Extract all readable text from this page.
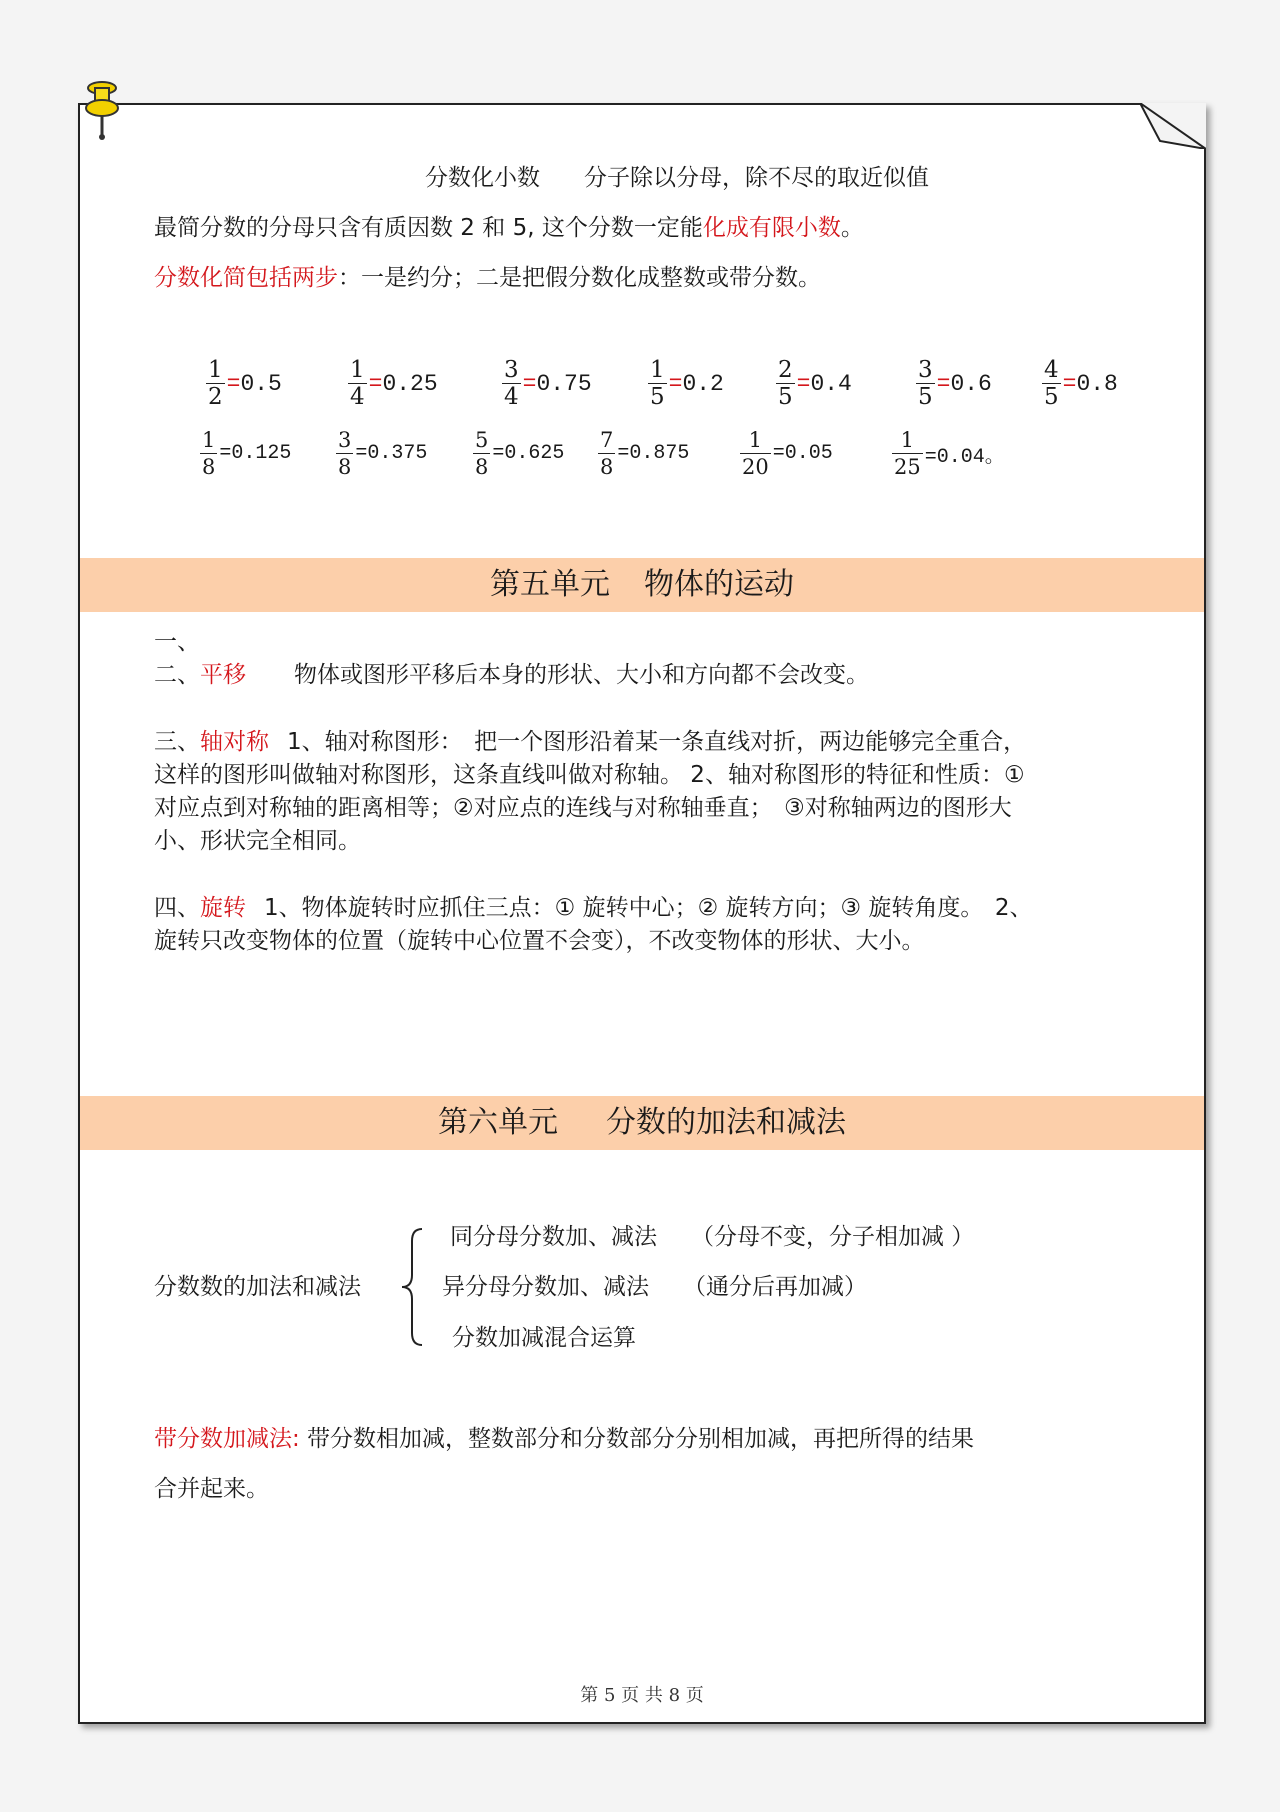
分数化小数 分子除以分母，除不尽的取近似值
最简分数的分母只含有质因数 2 和 5, 这个分数一定能化成有限小数。
分数化简包括两步：一是约分；二是把假分数化成整数或带分数。
$\frac{1}{2} =0.5$	$\frac{1}{4} =0.25$	$\frac{3}{4} =0.75 \frac{1}{5} =0.2 \frac{2}{5} =0.4$	$\frac{3}{5} =0.6 \frac{4}{5} =0.8$
$\frac{1}{8} =0.125 \frac{3}{8} =0.375 \frac{5}{8} =0.625 \frac{7}{8} =0.875 \frac{1}{20} =0.05$	$\frac{1}{25} =0.04$。
第五单元 物体的运动
一、
二、平移 物体或图形平移后本身的形状、大小和方向都不会改变。
三、轴对称 1、轴对称图形：　把一个图形沿着某一条直线对折，两边能够完全重合，
这样的图形叫做轴对称图形，这条直线叫做对称轴。 2、轴对称图形的特征和性质：①
对应点到对称轴的距离相等；②对应点的连线与对称轴垂直；　③对称轴两边的图形大
小、形状完全相同。
四、旋转 1、物体旋转时应抓住三点：① 旋转中心；② 旋转方向；③ 旋转角度。　2、
旋转只改变物体的位置（旋转中心位置不会变），不改变物体的形状、大小。
第六单元 分数的加法和减法
分数数的加法和减法
同分母分数加、减法 （分母不变，分子相加减 ）
异分母分数加、减法 （通分后再加减）
分数加减混合运算
带分数加减法: 带分数相加减，整数部分和分数部分分别相加减，再把所得的结果
合并起来。
第 5 页 共 8 页
